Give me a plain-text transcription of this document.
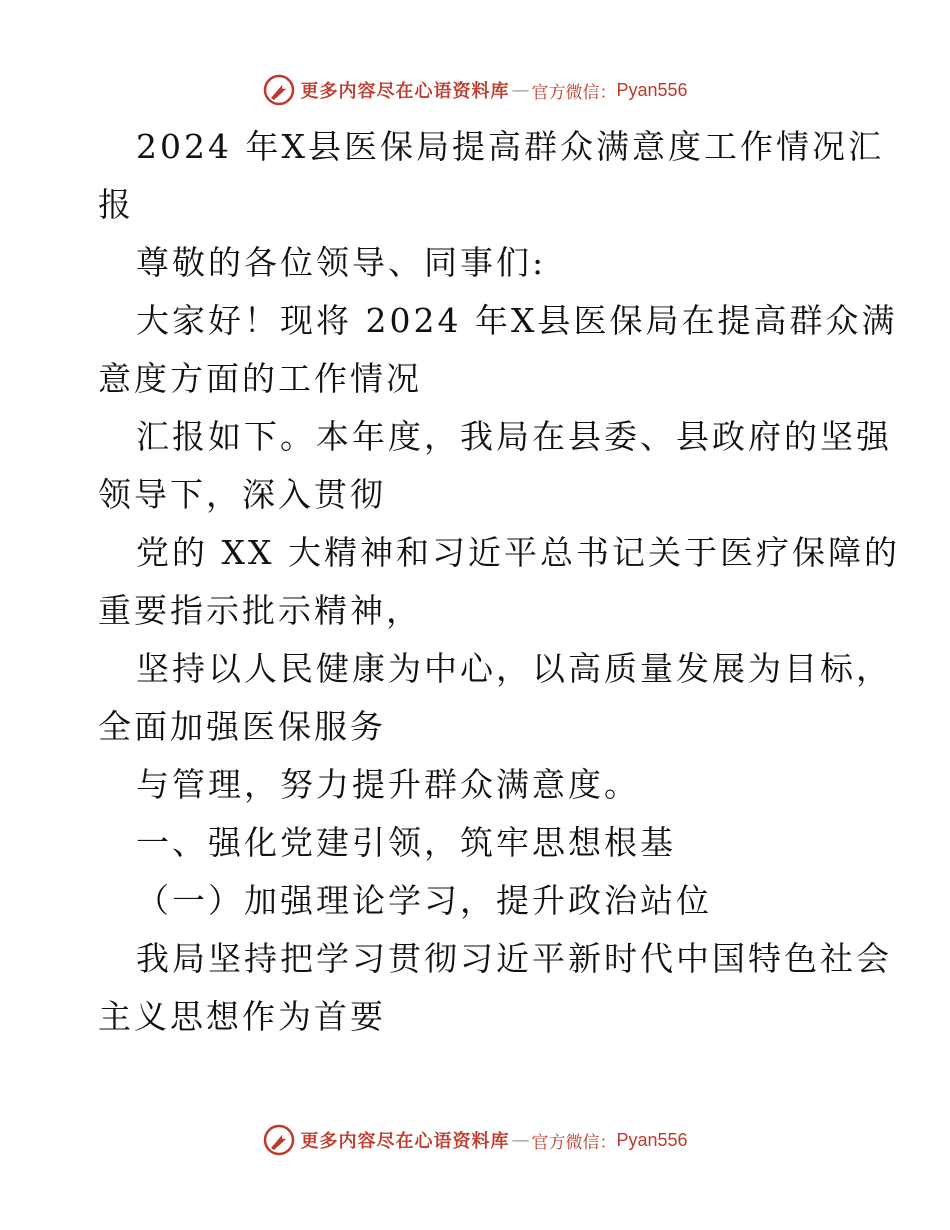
更多内容尽在心语资料库 — 官方微信： Pyan556
2024 年X县医保局提高群众满意度工作情况汇
报
尊敬的各位领导、同事们:
大家好！现将 2024 年X县医保局在提高群众满
意度方面的工作情况
汇报如下。本年度，我局在县委、县政府的坚强
领导下，深入贯彻
党的 XX 大精神和习近平总书记关于医疗保障的
重要指示批示精神，
坚持以人民健康为中心，以高质量发展为目标，
全面加强医保服务
与管理，努力提升群众满意度。
一、强化党建引领，筑牢思想根基
（一）加强理论学习，提升政治站位
我局坚持把学习贯彻习近平新时代中国特色社会
主义思想作为首要
更多内容尽在心语资料库 — 官方微信： Pyan556
